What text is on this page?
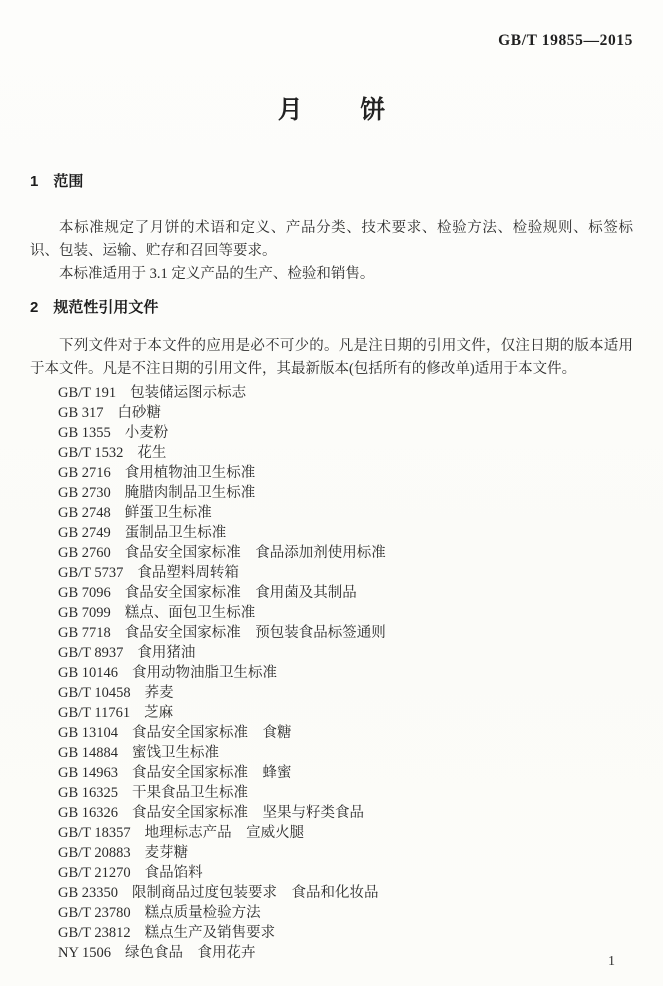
GB/T 19855—2015
月饼
1 范围

本标准规定了月饼的术语和定义、产品分类、技术要求、检验方法、检验规则、标签标识、包装、运输、贮存和召回等要求。

本标准适用于 3.1 定义产品的生产、检验和销售。

2 规范性引用文件

下列文件对于本文件的应用是必不可少的。凡是注日期的引用文件，仅注日期的版本适用于本文件。凡是不注日期的引用文件，其最新版本(包括所有的修改单)适用于本文件。

GB/T 191 包装储运图示标志
GB 317 白砂糖
GB 1355 小麦粉
GB/T 1532 花生
GB 2716 食用植物油卫生标准
GB 2730 腌腊肉制品卫生标准
GB 2748 鲜蛋卫生标准
GB 2749 蛋制品卫生标准
GB 2760 食品安全国家标准　食品添加剂使用标准
GB/T 5737 食品塑料周转箱
GB 7096 食品安全国家标准　食用菌及其制品
GB 7099 糕点、面包卫生标准
GB 7718 食品安全国家标准　预包装食品标签通则
GB/T 8937 食用猪油
GB 10146 食用动物油脂卫生标准
GB/T 10458 荞麦
GB/T 11761 芝麻
GB 13104 食品安全国家标准　食糖
GB 14884 蜜饯卫生标准
GB 14963 食品安全国家标准　蜂蜜
GB 16325 干果食品卫生标准
GB 16326 食品安全国家标准　坚果与籽类食品
GB/T 18357 地理标志产品　宣威火腿
GB/T 20883 麦芽糖
GB/T 21270 食品馅料
GB 23350 限制商品过度包装要求　食品和化妆品
GB/T 23780 糕点质量检验方法
GB/T 23812 糕点生产及销售要求
NY 1506 绿色食品　食用花卉
1
